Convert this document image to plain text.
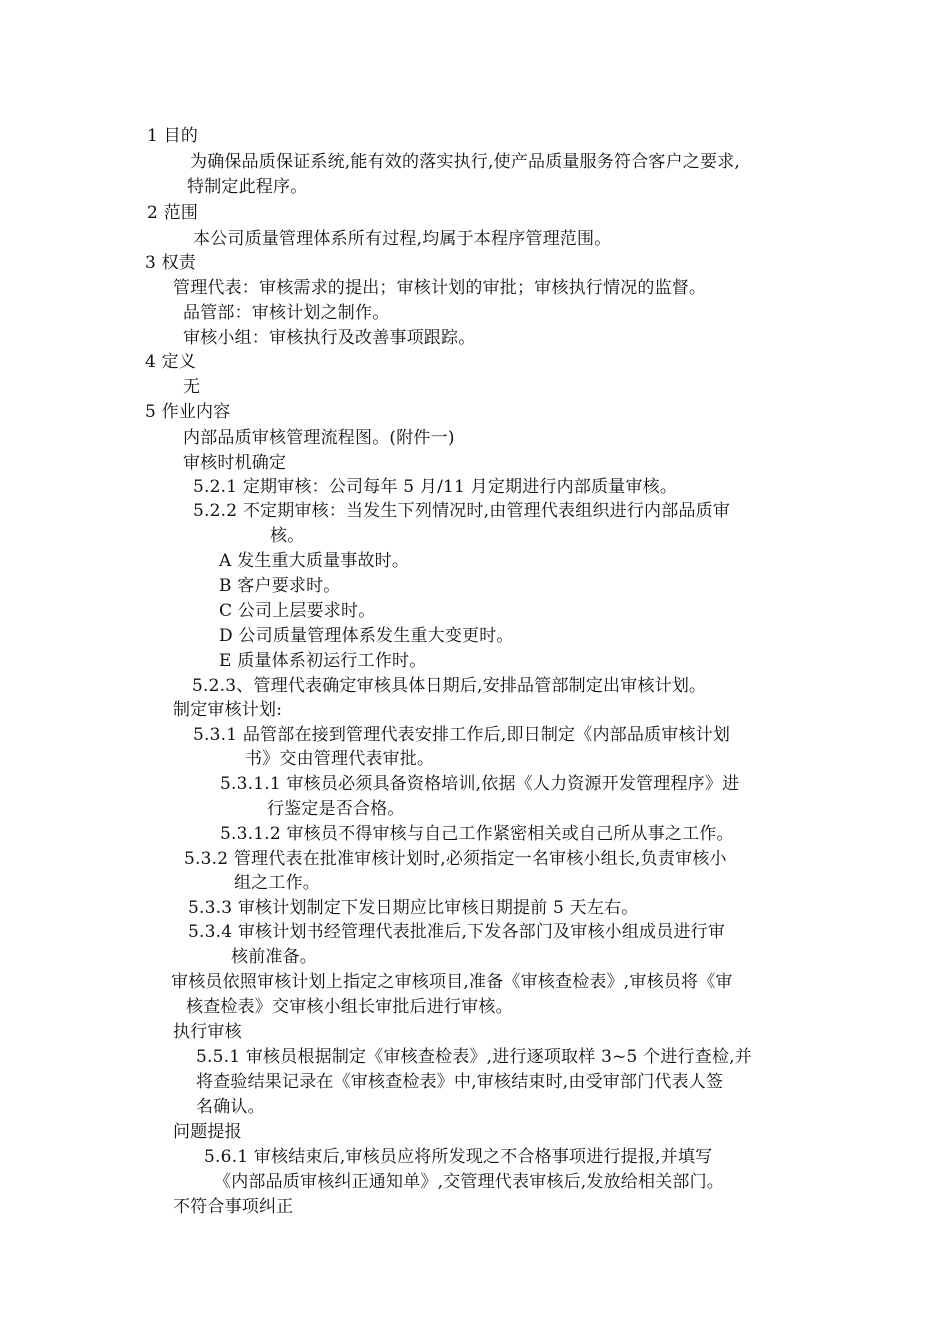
1 目的
为确保品质保证系统,能有效的落实执行,使产品质量服务符合客户之要求,
特制定此程序。
2 范围
本公司质量管理体系所有过程,均属于本程序管理范围。
3 权责
管理代表：审核需求的提出；审核计划的审批；审核执行情况的监督。
品管部：审核计划之制作。
审核小组：审核执行及改善事项跟踪。
4 定义
无
5 作业内容
内部品质审核管理流程图。(附件一)
审核时机确定
5.2.1 定期审核：公司每年 5 月/11 月定期进行内部质量审核。
5.2.2 不定期审核：当发生下列情况时,由管理代表组织进行内部品质审
核。
A 发生重大质量事故时。
B 客户要求时。
C 公司上层要求时。
D 公司质量管理体系发生重大变更时。
E 质量体系初运行工作时。
5.2.3、管理代表确定审核具体日期后,安排品管部制定出审核计划。
制定审核计划:
5.3.1 品管部在接到管理代表安排工作后,即日制定《内部品质审核计划
书》交由管理代表审批。
5.3.1.1 审核员必须具备资格培训,依据《人力资源开发管理程序》进
行鉴定是否合格。
5.3.1.2 审核员不得审核与自己工作紧密相关或自己所从事之工作。
5.3.2 管理代表在批准审核计划时,必须指定一名审核小组长,负责审核小
组之工作。
5.3.3 审核计划制定下发日期应比审核日期提前 5 天左右。
5.3.4 审核计划书经管理代表批准后,下发各部门及审核小组成员进行审
核前准备。
审核员依照审核计划上指定之审核项目,准备《审核查检表》,审核员将《审
核查检表》交审核小组长审批后进行审核。
执行审核
5.5.1 审核员根据制定《审核查检表》,进行逐项取样 3~5 个进行查检,并
将查验结果记录在《审核查检表》中,审核结束时,由受审部门代表人签
名确认。
问题提报
5.6.1 审核结束后,审核员应将所发现之不合格事项进行提报,并填写
《内部品质审核纠正通知单》,交管理代表审核后,发放给相关部门。
不符合事项纠正
